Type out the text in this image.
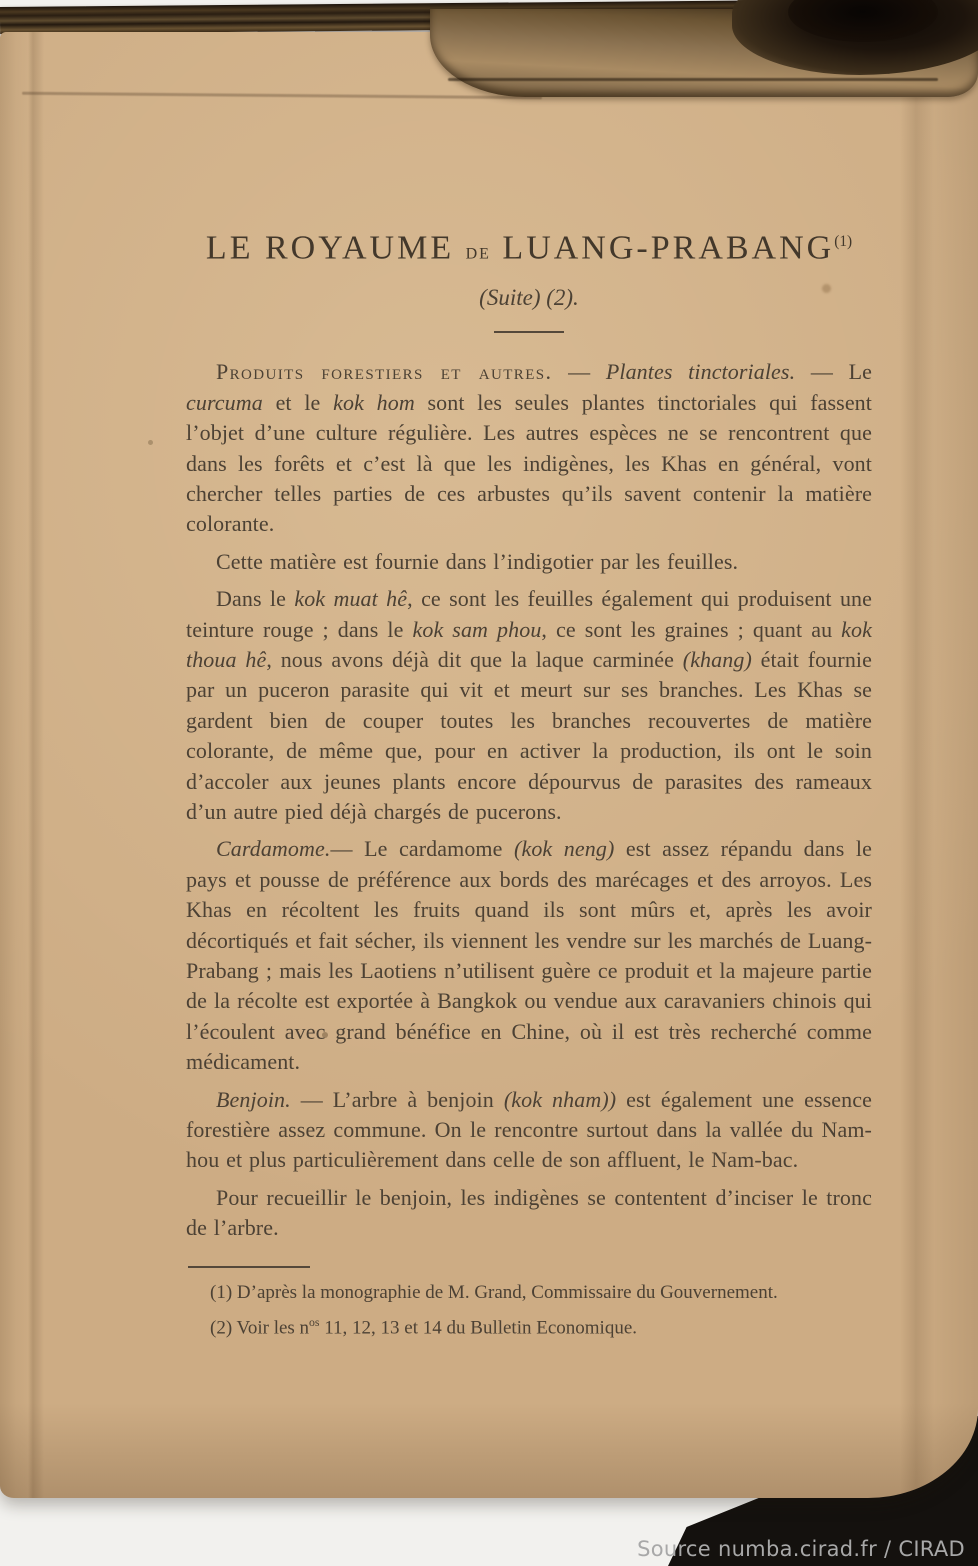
LE ROYAUME de LUANG-PRABANG$^{(1)}$
(Suite) (2).

Produits forestiers et autres. — Plantes tinctoriales. — Le curcuma et le kok hom sont les seules plantes tinctoriales qui fassent l’objet d’une culture régulière. Les autres espèces ne se rencontrent que dans les forêts et c’est là que les indigènes, les Khas en général, vont chercher telles parties de ces arbustes qu’ils savent contenir la matière colorante.

Cette matière est fournie dans l’indigotier par les feuilles.

Dans le kok muat hê, ce sont les feuilles également qui produisent une teinture rouge ; dans le kok sam phou, ce sont les graines ; quant au kok thoua hê, nous avons déjà dit que la laque carminée (khang) était fournie par un puceron parasite qui vit et meurt sur ses branches. Les Khas se gardent bien de couper toutes les branches recouvertes de matière colorante, de même que, pour en activer la production, ils ont le soin d’accoler aux jeunes plants encore dépourvus de parasites des rameaux d’un autre pied déjà chargés de pucerons.

Cardamome.— Le cardamome (kok neng) est assez répandu dans le pays et pousse de préférence aux bords des marécages et des arroyos. Les Khas en récoltent les fruits quand ils sont mûrs et, après les avoir décortiqués et fait sécher, ils viennent les vendre sur les marchés de Luang-Prabang ; mais les Laotiens n’utilisent guère ce produit et la majeure partie de la récolte est exportée à Bangkok ou vendue aux caravaniers chinois qui l’écoulent avec grand bénéfice en Chine, où il est très recherché comme médicament.

Benjoin. — L’arbre à benjoin (kok nham)) est également une essence forestière assez commune. On le rencontre surtout dans la vallée du Nam-hou et plus particulièrement dans celle de son affluent, le Nam-bac.

Pour recueillir le benjoin, les indigènes se contentent d’inciser le tronc de l’arbre.

(1) D’après la monographie de M. Grand, Commissaire du Gouvernement.

(2) Voir les $n^{os}$ 11, 12, 13 et 14 du Bulletin Economique.

Source numba.cirad.fr / CIRAD
